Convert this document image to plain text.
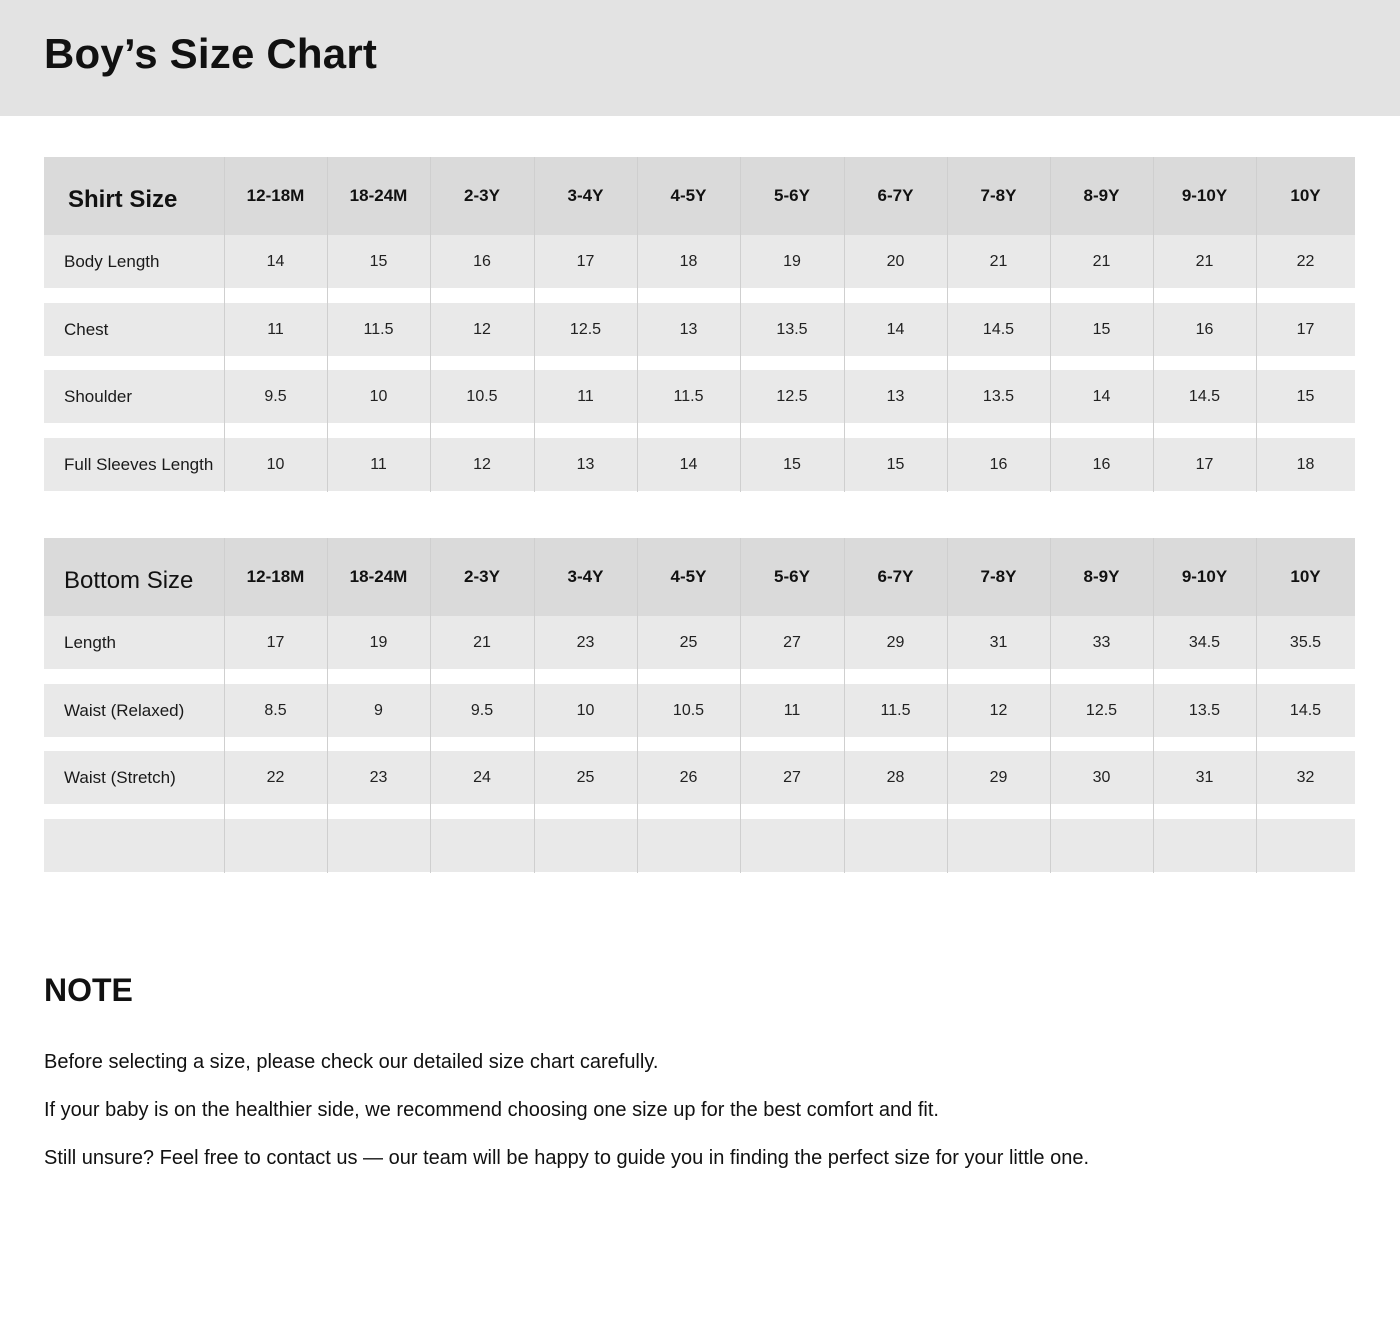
Boy’s Size Chart
Shirt Size	12-18M	18-24M	2-3Y	3-4Y	4-5Y	5-6Y	6-7Y	7-8Y	8-9Y	9-10Y	10Y
Body Length	14	15	16	17	18	19	20	21	21	21	22
Chest	11	11.5	12	12.5	13	13.5	14	14.5	15	16	17
Shoulder	9.5	10	10.5	11	11.5	12.5	13	13.5	14	14.5	15
Full Sleeves Length	10	11	12	13	14	15	15	16	16	17	18
Bottom Size	12-18M	18-24M	2-3Y	3-4Y	4-5Y	5-6Y	6-7Y	7-8Y	8-9Y	9-10Y	10Y
Length	17	19	21	23	25	27	29	31	33	34.5	35.5
Waist (Relaxed)	8.5	9	9.5	10	10.5	11	11.5	12	12.5	13.5	14.5
Waist (Stretch)	22	23	24	25	26	27	28	29	30	31	32
NOTE

Before selecting a size, please check our detailed size chart carefully.

If your baby is on the healthier side, we recommend choosing one size up for the best comfort and fit.

Still unsure? Feel free to contact us — our team will be happy to guide you in finding the perfect size for your little one.
